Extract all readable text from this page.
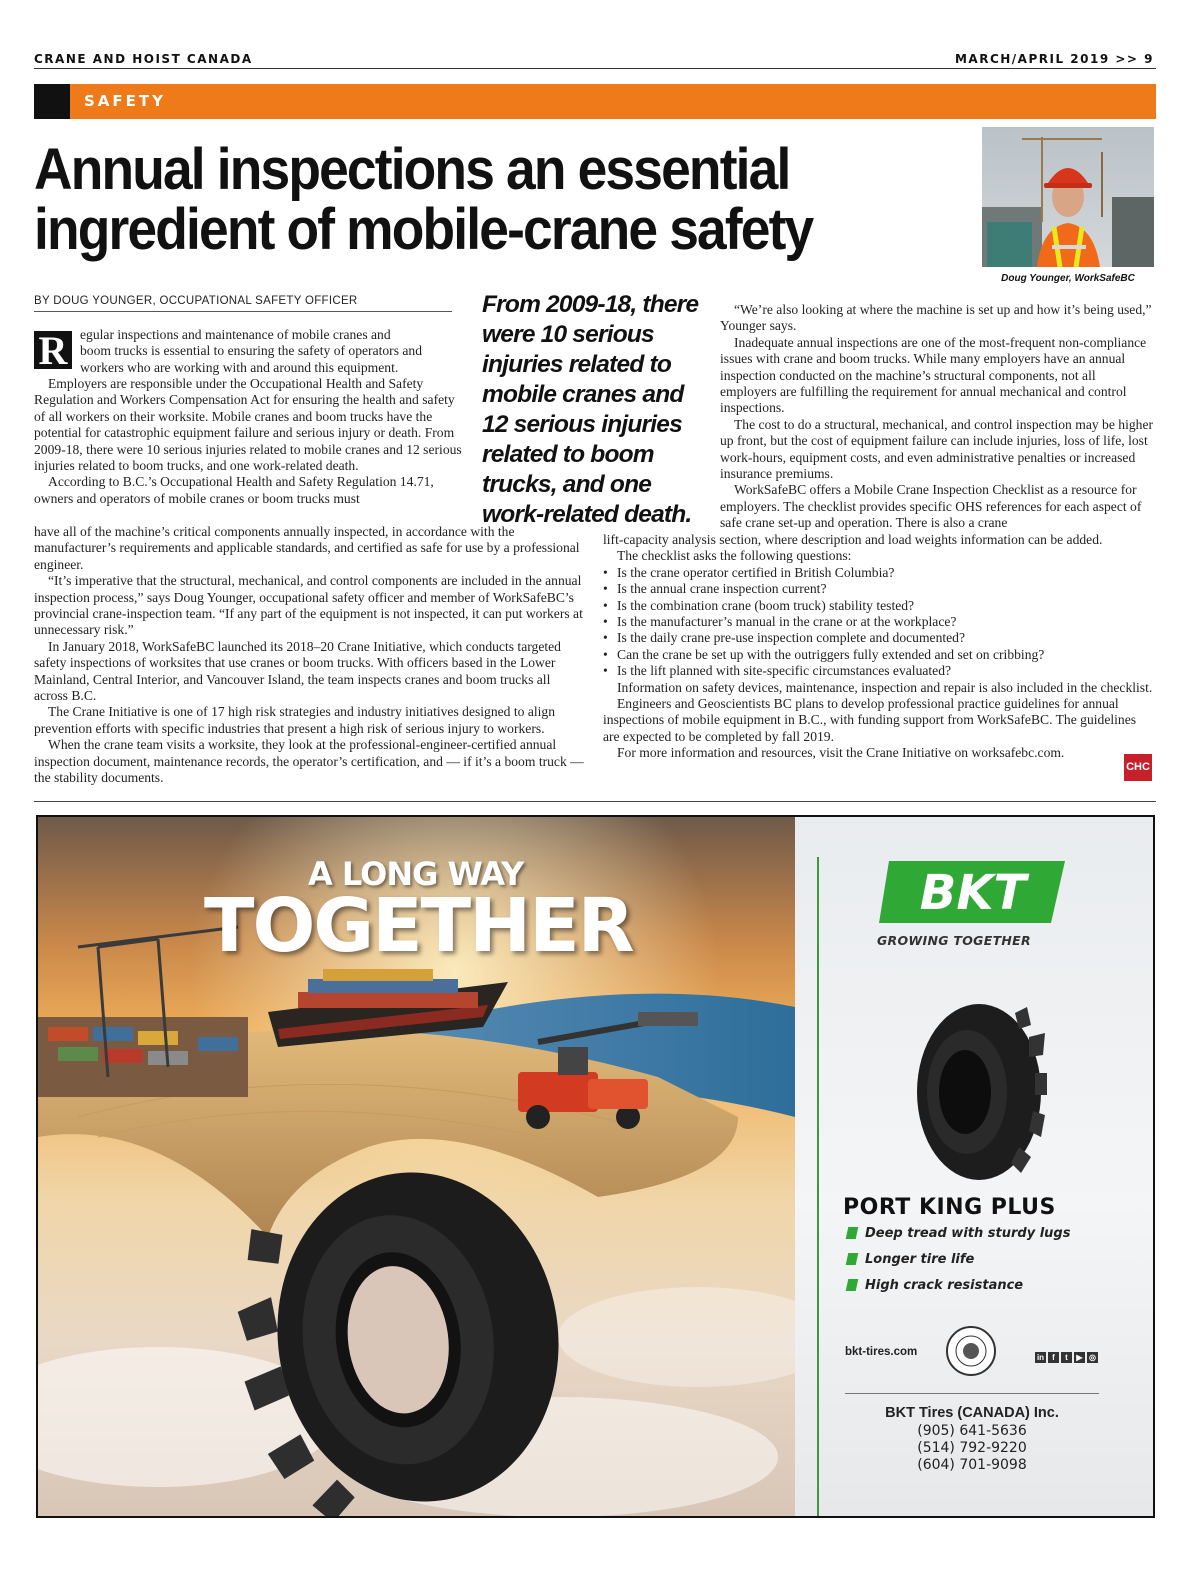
CRANE AND HOIST CANADA	MARCH/APRIL 2019 >> 9
SAFETY
Annual inspections an essential
ingredient of mobile-crane safety
Doug Younger, WorkSafeBC
BY DOUG YOUNGER, OCCUPATIONAL SAFETY OFFICER
R egular inspections and maintenance of mobile cranes and
boom trucks is essential to ensuring the safety of operators and
workers who are working with and around this equipment.

Employers are responsible under the Occupational Health and Safety Regulation and Workers Compensation Act for ensuring the health and safety of all workers on their worksite. Mobile cranes and boom trucks have the potential for catastrophic equipment failure and serious injury or death. From 2009-18, there were 10 serious injuries related to mobile cranes and 12 serious injuries related to boom trucks, and one work-related death.

According to B.C.’s Occupational Health and Safety Regulation 14.71, owners and operators of mobile cranes or boom trucks must

have all of the machine’s critical components annually inspected, in accordance with the manufacturer’s requirements and applicable standards, and certified as safe for use by a professional engineer.

“It’s imperative that the structural, mechanical, and control components are included in the annual inspection process,” says Doug Younger, occupational safety officer and member of WorkSafeBC’s provincial crane-inspection team. “If any part of the equipment is not inspected, it can put workers at unnecessary risk.”

In January 2018, WorkSafeBC launched its 2018–20 Crane Initiative, which conducts targeted safety inspections of worksites that use cranes or boom trucks. With officers based in the Lower Mainland, Central Interior, and Vancouver Island, the team inspects cranes and boom trucks all across B.C.

The Crane Initiative is one of 17 high risk strategies and industry initiatives designed to align prevention efforts with specific industries that present a high risk of serious injury to workers.

When the crane team visits a worksite, they look at the professional-engineer-certified annual inspection document, maintenance records, the operator’s certification, and — if it’s a boom truck — the stability documents.

From 2009-18, there were 10 serious injuries related to mobile cranes and 12 serious injuries related to boom trucks, and one work-related death.

“We’re also looking at where the machine is set up and how it’s being used,” Younger says.

Inadequate annual inspections are one of the most-frequent non-compliance issues with crane and boom trucks. While many employers have an annual inspection conducted on the machine’s structural components, not all employers are fulfilling the requirement for annual mechanical and control inspections.

The cost to do a structural, mechanical, and control inspection may be higher up front, but the cost of equipment failure can include injuries, loss of life, lost work-hours, equipment costs, and even administrative penalties or increased insurance premiums.

WorkSafeBC offers a Mobile Crane Inspection Checklist as a resource for employers. The checklist provides specific OHS references for each aspect of safe crane set-up and operation. There is also a crane

lift-capacity analysis section, where description and load weights information can be added.

The checklist asks the following questions:

• Is the crane operator certified in British Columbia?
• Is the annual crane inspection current?
• Is the combination crane (boom truck) stability tested?
• Is the manufacturer’s manual in the crane or at the workplace?
• Is the daily crane pre-use inspection complete and documented?
• Can the crane be set up with the outriggers fully extended and set on cribbing?
• Is the lift planned with site-specific circumstances evaluated?

Information on safety devices, maintenance, inspection and repair is also included in the checklist.

Engineers and Geoscientists BC plans to develop professional practice guidelines for annual inspections of mobile equipment in B.C., with funding support from WorkSafeBC. The guidelines are expected to be completed by fall 2019.

For more information and resources, visit the Crane Initiative on worksafebc.com.

CHC
A LONG WAY
TOGETHER	BKT
GROWING TOGETHER
PORT KING PLUS
Deep tread with sturdy lugs
Longer tire life
High crack resistance
bkt-tires.com	in f t ▶ ◎
BKT Tires (CANADA) Inc.
(905) 641-5636
(514) 792-9220
(604) 701-9098
